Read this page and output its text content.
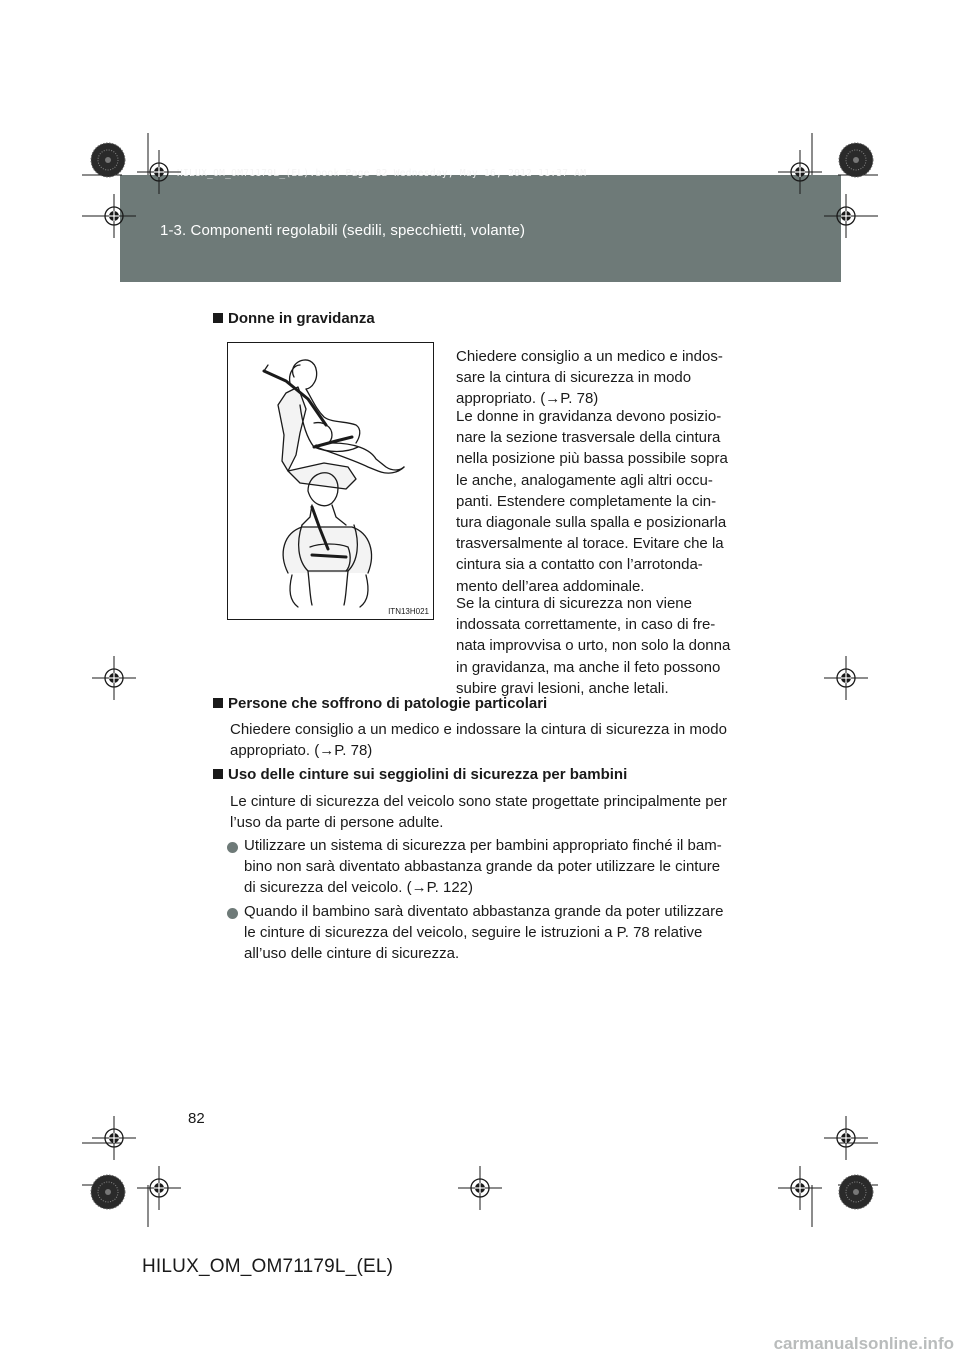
HILUX_OM_OM71179L_(EL).book Page 82 Wednesday, May 16, 2012 11:37 AM
1-3. Componenti regolabili (sedili, specchietti, volante)
Donne in gravidanza
ITN13H021
Chiedere consiglio a un medico e indos-
sare la cintura di sicurezza in modo
appropriato. (→P. 78)
Le donne in gravidanza devono posizio-
nare la sezione trasversale della cintura
nella posizione più bassa possibile sopra
le anche, analogamente agli altri occu-
panti. Estendere completamente la cin-
tura diagonale sulla spalla e posizionarla
trasversalmente al torace. Evitare che la
cintura sia a contatto con l’arrotonda-
mento dell’area addominale.
Se la cintura di sicurezza non viene
indossata correttamente, in caso di fre-
nata improvvisa o urto, non solo la donna
in gravidanza, ma anche il feto possono
subire gravi lesioni, anche letali.
Persone che soffrono di patologie particolari
Chiedere consiglio a un medico e indossare la cintura di sicurezza in modo
appropriato. (→P. 78)
Uso delle cinture sui seggiolini di sicurezza per bambini
Le cinture di sicurezza del veicolo sono state progettate principalmente per
l’uso da parte di persone adulte.
Utilizzare un sistema di sicurezza per bambini appropriato finché il bam-
bino non sarà diventato abbastanza grande da poter utilizzare le cinture
di sicurezza del veicolo. (→P. 122)
Quando il bambino sarà diventato abbastanza grande da poter utilizzare
le cinture di sicurezza del veicolo, seguire le istruzioni a P. 78 relative
all’uso delle cinture di sicurezza.
82
HILUX_OM_OM71179L_(EL)
carmanualsonline.info
